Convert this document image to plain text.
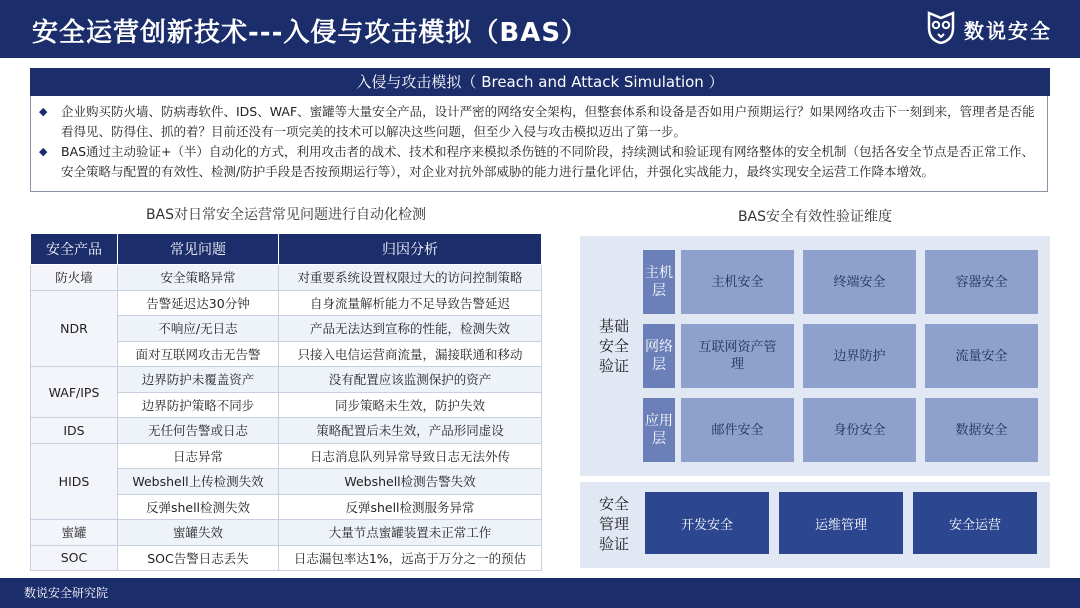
安全运营创新技术---入侵与攻击模拟（BAS）	数说安全
入侵与攻击模拟（ Breach and Attack Simulation ）

◆ 企业购买防火墙、防病毒软件、IDS、WAF、蜜罐等大量安全产品，设计严密的网络安全架构，但整套体系和设备是否如用户预期运行？如果网络攻击下一刻到来，管理者是否能看得见、防得住、抓的着？目前还没有一项完美的技术可以解决这些问题，但至少入侵与攻击模拟迈出了第一步。

◆ BAS通过主动验证+（半）自动化的方式，利用攻击者的战术、技术和程序来模拟杀伤链的不同阶段，持续测试和验证现有网络整体的安全机制（包括各安全节点是否正常工作、安全策略与配置的有效性、检测/防护手段是否按预期运行等），对企业对抗外部威胁的能力进行量化评估，并强化实战能力，最终实现安全运营工作降本增效。

BAS对日常安全运营常见问题进行自动化检测
安全产品	常见问题	归因分析
防火墙	安全策略异常	对重要系统设置权限过大的访问控制策略
NDR	告警延迟达30分钟	自身流量解析能力不足导致告警延迟
	不响应/无日志	产品无法达到宣称的性能，检测失效
	面对互联网攻击无告警	只接入电信运营商流量，漏接联通和移动
WAF/IPS	边界防护未覆盖资产	没有配置应该监测保护的资产
	边界防护策略不同步	同步策略未生效，防护失效
IDS	无任何告警或日志	策略配置后未生效，产品形同虚设
HIDS	日志异常	日志消息队列异常导致日志无法外传
	Webshell上传检测失效	Webshell检测告警失效
	反弹shell检测失效	反弹shell检测服务异常
蜜罐	蜜罐失效	大量节点蜜罐装置未正常工作
SOC	SOC告警日志丢失	日志漏包率达1%，远高于万分之一的预估
BAS安全有效性验证维度
基础安全验证
主机层
网络层
应用层
主机安全	终端安全	容器安全
互联网资产管理
边界防护	流量安全
邮件安全	身份安全	数据安全
安全管理验证
开发安全	运维管理	安全运营
数说安全研究院
